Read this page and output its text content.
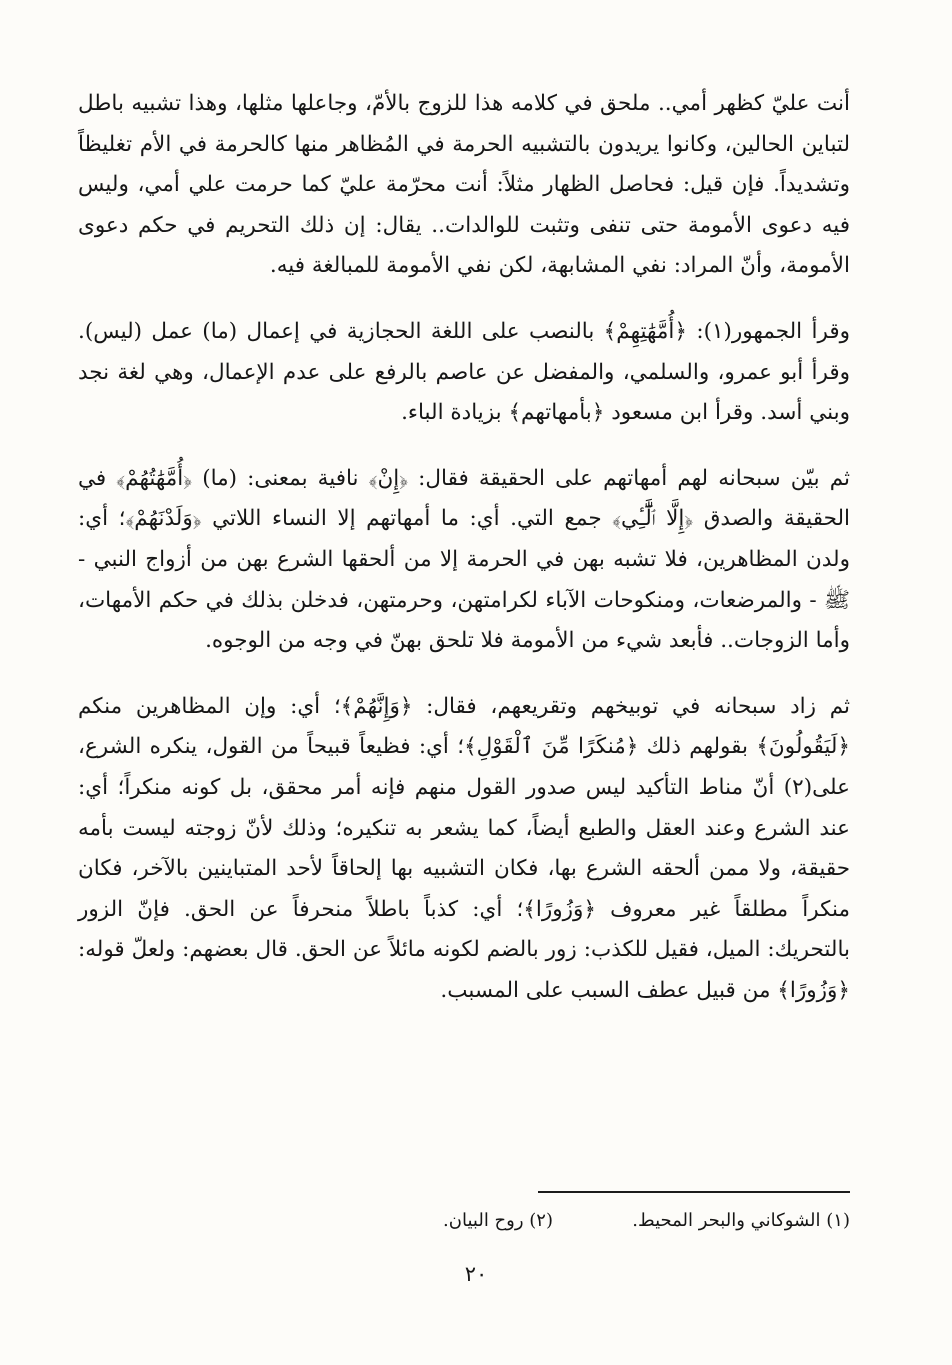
أنت عليّ كظهر أمي.. ملحق في كلامه هذا للزوج بالأمّ، وجاعلها مثلها، وهذا تشبيه باطل لتباين الحالين، وكانوا يريدون بالتشبيه الحرمة في المُظاهر منها كالحرمة في الأم تغليظاً وتشديداً. فإن قيل: فحاصل الظهار مثلاً: أنت محرّمة عليّ كما حرمت علي أمي، وليس فيه دعوى الأمومة حتى تنفى وتثبت للوالدات.. يقال: إن ذلك التحريم في حكم دعوى الأمومة، وأنّ المراد: نفي المشابهة، لكن نفي الأمومة للمبالغة فيه.

وقرأ الجمهور(١): ﴿أُمَّهَٰتِهِمْ﴾ بالنصب على اللغة الحجازية في إعمال (ما) عمل (ليس). وقرأ أبو عمرو، والسلمي، والمفضل عن عاصم بالرفع على عدم الإعمال، وهي لغة نجد وبني أسد. وقرأ ابن مسعود ﴿بأمهاتهم﴾ بزيادة الباء.

ثم بيّن سبحانه لهم أمهاتهم على الحقيقة فقال: ﴿إِنْ﴾ نافية بمعنى: (ما) ﴿أُمَّهَٰتُهُمْ﴾ في الحقيقة والصدق ﴿إِلَّا ٱلَّٰٓـِٔي﴾ جمع التي. أي: ما أمهاتهم إلا النساء اللاتي ﴿وَلَدْنَهُمْ﴾؛ أي: ولدن المظاهرين، فلا تشبه بهن في الحرمة إلا من ألحقها الشرع بهن من أزواج النبي - ﷺ - والمرضعات، ومنكوحات الآباء لكرامتهن، وحرمتهن، فدخلن بذلك في حكم الأمهات، وأما الزوجات.. فأبعد شيء من الأمومة فلا تلحق بهنّ في وجه من الوجوه.

ثم زاد سبحانه في توبيخهم وتقريعهم، فقال: ﴿وَإِنَّهُمْ﴾؛ أي: وإن المظاهرين منكم ﴿لَيَقُولُونَ﴾ بقولهم ذلك ﴿مُنكَرًا مِّنَ ٱلْقَوْلِ﴾؛ أي: فظيعاً قبيحاً من القول، ينكره الشرع، على(٢) أنّ مناط التأكيد ليس صدور القول منهم فإنه أمر محقق، بل كونه منكراً؛ أي: عند الشرع وعند العقل والطبع أيضاً، كما يشعر به تنكيره؛ وذلك لأنّ زوجته ليست بأمه حقيقة، ولا ممن ألحقه الشرع بها، فكان التشبيه بها إلحاقاً لأحد المتباينين بالآخر، فكان منكراً مطلقاً غير معروف ﴿وَزُورًا﴾؛ أي: كذباً باطلاً منحرفاً عن الحق. فإنّ الزور بالتحريك: الميل، فقيل للكذب: زور بالضم لكونه مائلاً عن الحق. قال بعضهم: ولعلّ قوله: ﴿وَزُورًا﴾ من قبيل عطف السبب على المسبب.

(١) الشوكاني والبحر المحيط.
(٢) روح البيان.
٢٠
